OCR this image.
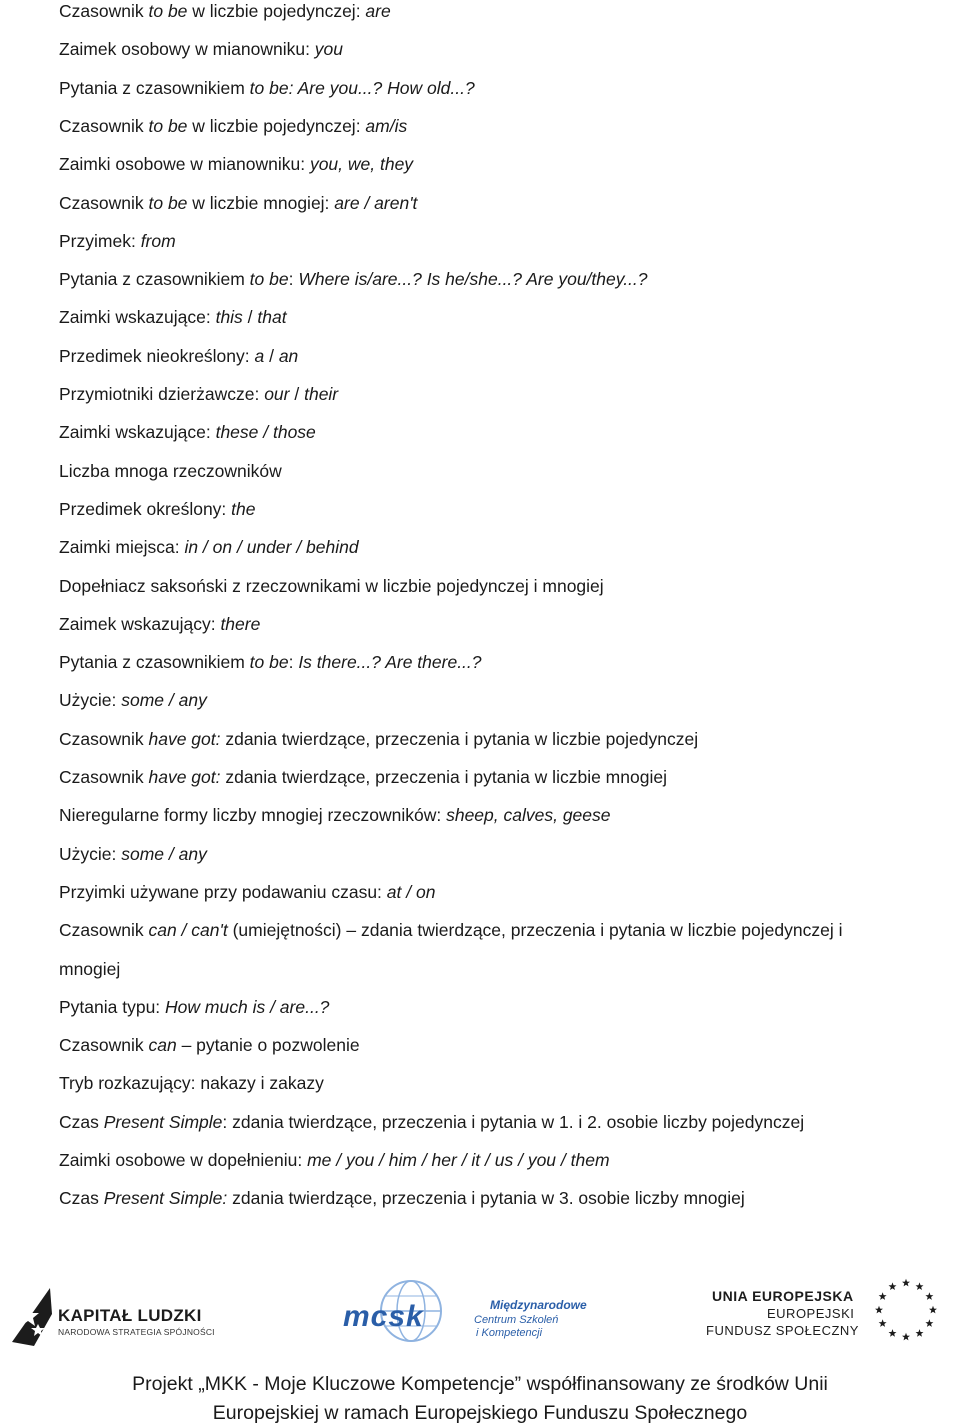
Czasownik to be w liczbie pojedynczej: are
Zaimek osobowy w mianowniku: you
Pytania z czasownikiem to be: Are you...? How old...?
Czasownik to be w liczbie pojedynczej: am/is
Zaimki osobowe w mianowniku: you, we, they
Czasownik to be w liczbie mnogiej: are / aren't
Przyimek: from
Pytania z czasownikiem to be: Where is/are...? Is he/she...? Are you/they...?
Zaimki wskazujące: this / that
Przedimek nieokreślony: a / an
Przymiotniki dzierżawcze: our / their
Zaimki wskazujące: these / those
Liczba mnoga rzeczowników
Przedimek określony: the
Zaimki miejsca: in / on / under / behind
Dopełniacz saksoński z rzeczownikami w liczbie pojedynczej i mnogiej
Zaimek wskazujący: there
Pytania z czasownikiem to be: Is there...? Are there...?
Użycie: some / any
Czasownik have got: zdania twierdzące, przeczenia i pytania w liczbie pojedynczej
Czasownik have got: zdania twierdzące, przeczenia i pytania w liczbie mnogiej
Nieregularne formy liczby mnogiej rzeczowników: sheep, calves, geese
Użycie: some / any
Przyimki używane przy podawaniu czasu: at / on
Czasownik can / can't (umiejętności) – zdania twierdzące, przeczenia i pytania w liczbie pojedynczej i
mnogiej
Pytania typu: How much is / are...?
Czasownik can – pytanie o pozwolenie
Tryb rozkazujący: nakazy i zakazy
Czas Present Simple: zdania twierdzące, przeczenia i pytania w 1. i 2. osobie liczby pojedynczej
Zaimki osobowe w dopełnieniu: me / you / him / her / it / us / you / them
Czas Present Simple: zdania twierdzące, przeczenia i pytania w 3. osobie liczby mnogiej
KAPITAŁ LUDZKI
NARODOWA STRATEGIA SPÓJNOŚCI	mcsk	Międzynarodowe
Centrum Szkoleń
i Kompetencji
UNIA EUROPEJSKA
EUROPEJSKI
FUNDUSZ SPOŁECZNY
Projekt „MKK - Moje Kluczowe Kompetencje” współfinansowany ze środków Unii
Europejskiej w ramach Europejskiego Funduszu Społecznego
